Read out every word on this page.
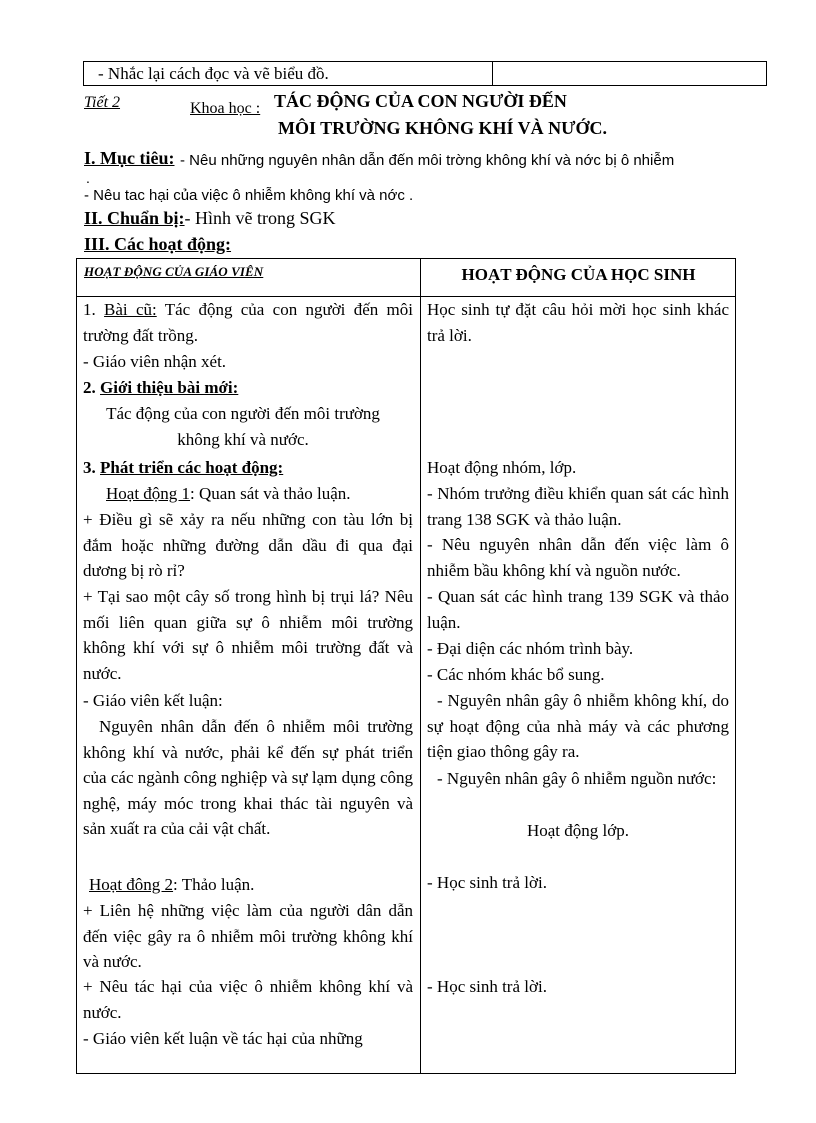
- Nhắc lại cách đọc và vẽ biểu đồ.
Tiết 2	Khoa học : TÁC ĐỘNG CỦA CON NGƯỜI ĐẾN
MÔI TRƯỜNG KHÔNG KHÍ VÀ NƯỚC.
I. Mục tiêu: - Nêu những nguyên nhân dẫn đến môi trờng không khí và nớc bị ô nhiễm
.
- Nêu tac hại của việc ô nhiễm không khí và nớc .
II. Chuẩn bị:- Hình vẽ trong SGK
III. Các hoạt động:
HOẠT ĐỘNG CỦA GIÁO VIÊN	HOẠT ĐỘNG CỦA HỌC SINH
1. Bài cũ: Tác động của con người đến môi trường đất trồng.
- Giáo viên nhận xét.
2. Giới thiệu bài mới:
Tác động của con người đến môi trường
không khí và nước.
3. Phát triển các hoạt động:
Hoạt động 1: Quan sát và thảo luận.
+ Điều gì sẽ xảy ra nếu những con tàu lớn bị đắm hoặc những đường dẫn dầu đi qua đại dương bị rò rỉ?
+ Tại sao một cây số trong hình bị trụi lá? Nêu mối liên quan giữa sự ô nhiễm môi trường không khí với sự ô nhiễm môi trường đất và nước.
- Giáo viên kết luận:
Nguyên nhân dẫn đến ô nhiễm môi trường không khí và nước, phải kể đến sự phát triển của các ngành công nghiệp và sự lạm dụng công nghệ, máy móc trong khai thác tài nguyên và sản xuất ra của cải vật chất.
Hoạt đông 2: Thảo luận.
+ Liên hệ những việc làm của người dân dẫn đến việc gây ra ô nhiễm môi trường không khí và nước.
+ Nêu tác hại của việc ô nhiễm không khí và nước.
- Giáo viên kết luận về tác hại của những
Học sinh tự đặt câu hỏi mời học sinh khác trả lời.
Hoạt động nhóm, lớp.
- Nhóm trưởng điều khiển quan sát các hình trang 138 SGK và thảo luận.
- Nêu nguyên nhân dẫn đến việc làm ô nhiễm bầu không khí và nguồn nước.
- Quan sát các hình trang 139 SGK và thảo luận.
- Đại diện các nhóm trình bày.
- Các nhóm khác bổ sung.
- Nguyên nhân gây ô nhiễm không khí, do sự hoạt động của nhà máy và các phương tiện giao thông gây ra.
- Nguyên nhân gây ô nhiễm nguồn nước:
Hoạt động lớp.
- Học sinh trả lời.
- Học sinh trả lời.
